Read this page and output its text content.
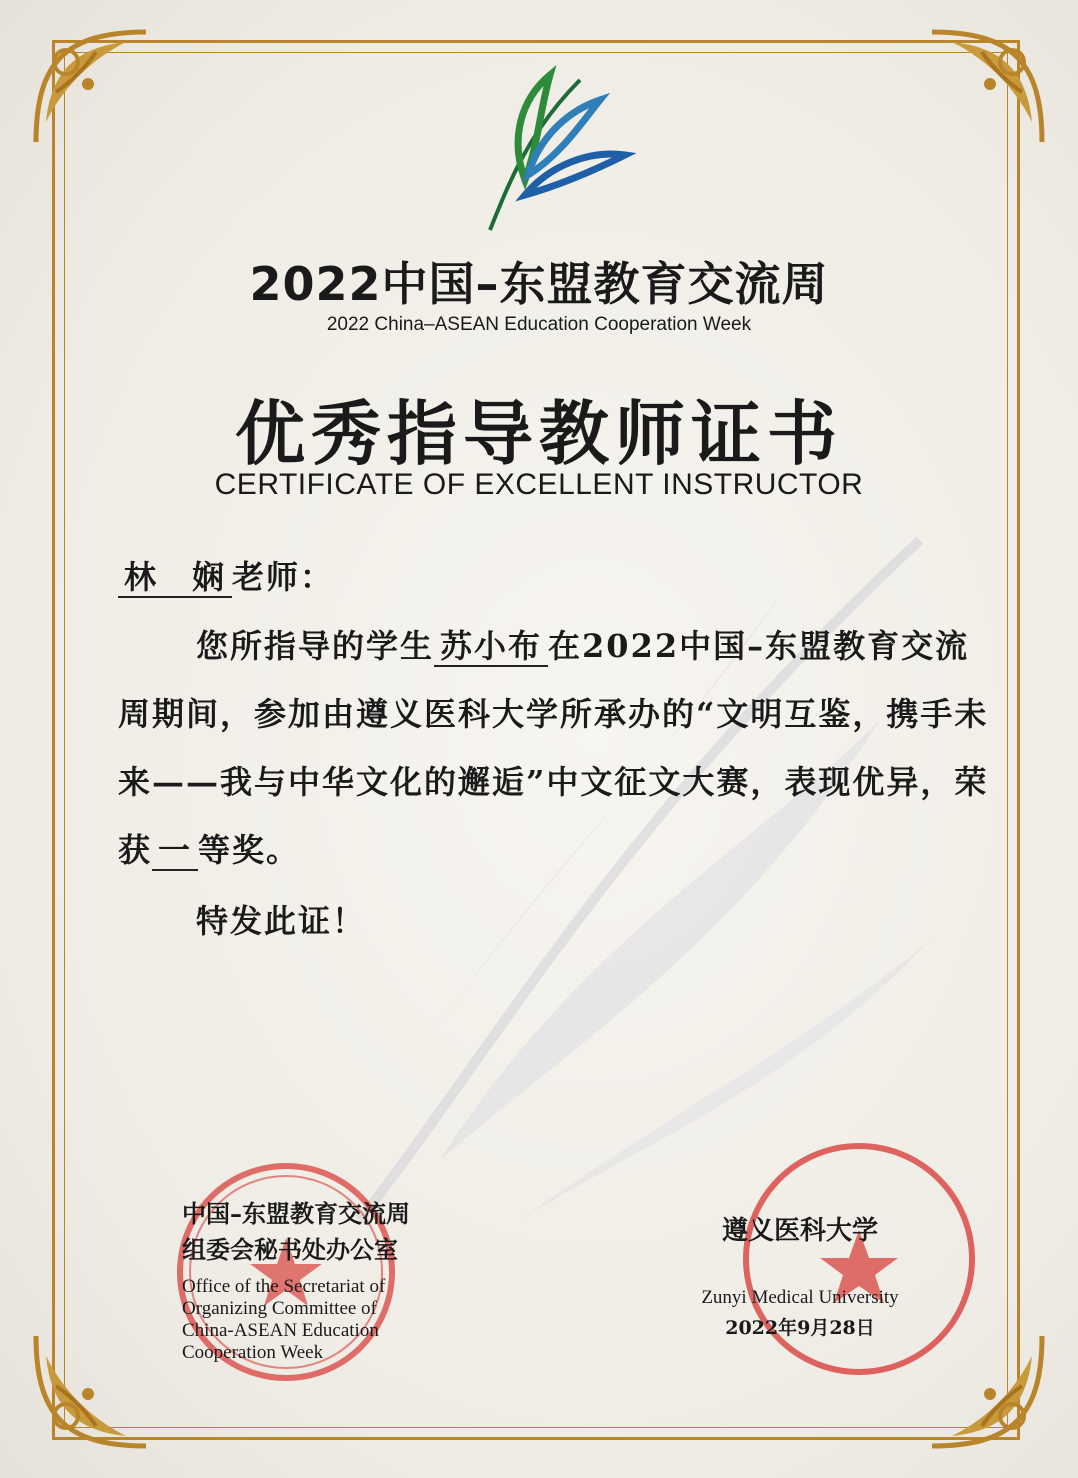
2022中国–东盟教育交流周
2022 China–ASEAN Education Cooperation Week
优秀指导教师证书
CERTIFICATE OF EXCELLENT INSTRUCTOR
林　娴 老师：
您所指导的学生 苏小布 在2022中国–东盟教育交流周期间，参加由遵义医科大学所承办的“文明互鉴，携手未来——我与中华文化的邂逅”中文征文大赛，表现优异，荣获 一 等奖。
特发此证！
中国–东盟教育交流周
组委会秘书处办公室
Office of the Secretariat of
Organizing Committee of
China-ASEAN Education
Cooperation Week
遵义医科大学
Zunyi Medical University
2022年9月28日
